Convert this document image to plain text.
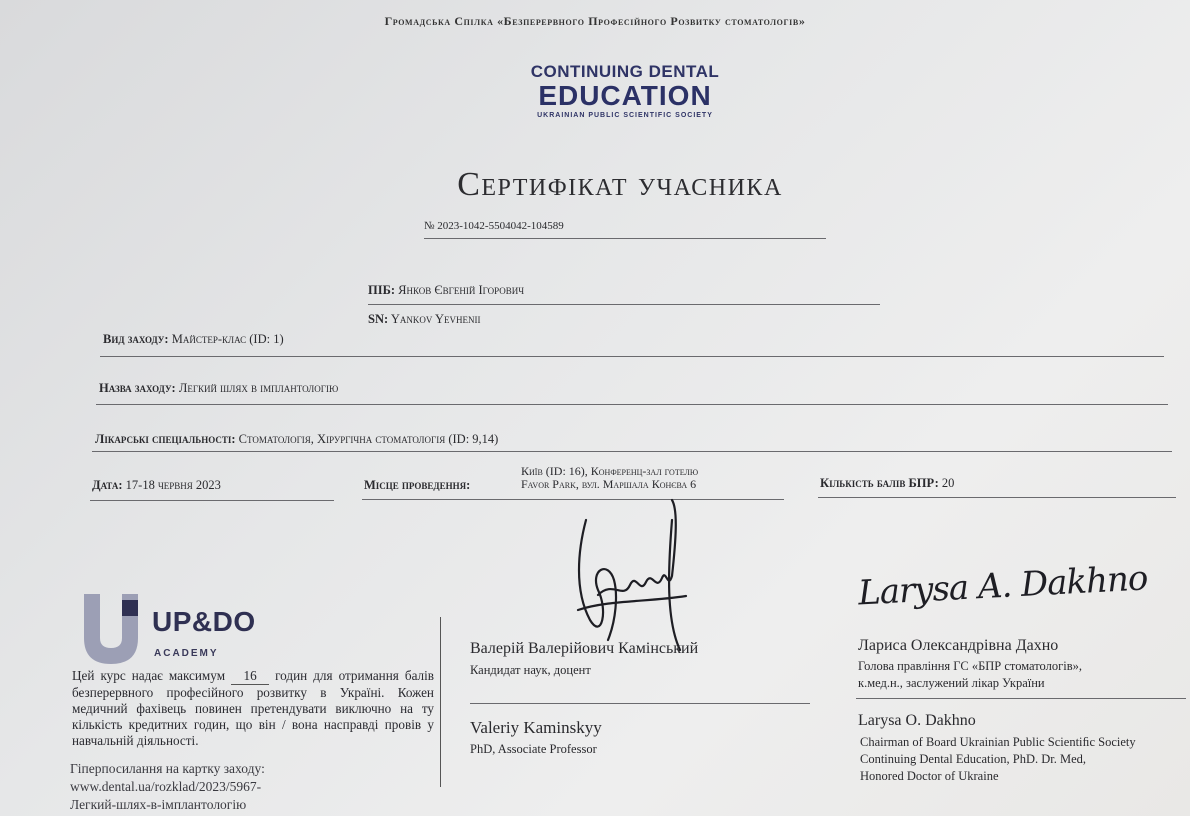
Громадська Спілка «Безперервного Професійного Розвитку стоматологів»
CONTINUING DENTAL
EDUCATION
UKRAINIAN PUBLIC SCIENTIFIC SOCIETY
Сертифікат учасника
№ 2023-1042-5504042-104589
ПІБ: Янков Євгеній Ігорович
SN: Yankov Yevhenii
Вид заходу: Майстер-клас (ID: 1)
Назва заходу: Легкий шлях в імплантологію
Лікарські спеціальності: Стоматологія, Хірургічна стоматологія (ID: 9,14)
Дата: 17-18 червня 2023	Місце проведення:
Київ (ID: 16), Конференц-зал готелю
Favor Park, вул. Маршала Конєва 6	Кількість балів БПР: 20
UP&DO
ACADEMY
Цей курс надає максимум 16 годин для отримання балів безперервного професійного розвитку в Україні. Кожен медичний фахівець повинен претендувати виключно на ту кількість кредитних годин, що він / вона насправді провів у навчальній діяльності.
Гіперпосилання на картку заходу:
www.dental.ua/rozklad/2023/5967-
Легкий-шлях-в-імплантологію
Валерій Валерійович Камінський
Кандидат наук, доцент
Valeriy Kaminskyy
PhD, Associate Professor
Larysa A. Dakhno
Лариса Олександрівна Дахно
Голова правління ГС «БПР стоматологів»,
к.мед.н., заслужений лікар України
Larysa O. Dakhno
Chairman of Board Ukrainian Public Scientiﬁc Society
Continuing Dental Education, PhD. Dr. Med,
Honored Doctor of Ukraine
